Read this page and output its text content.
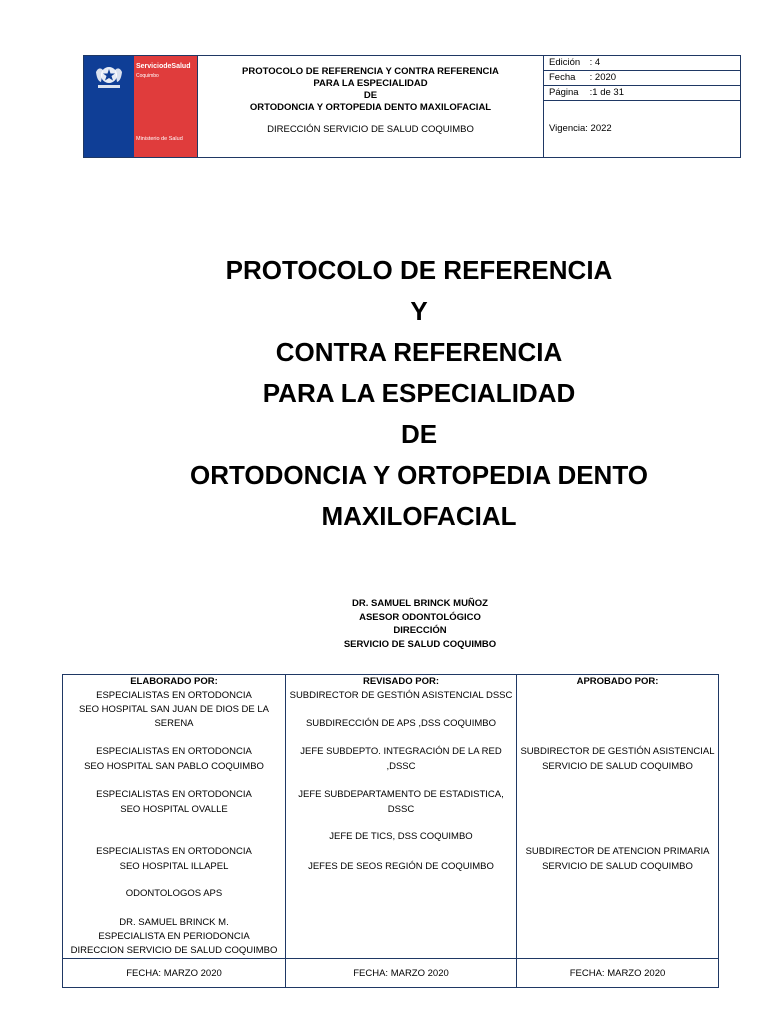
ServiciodeSalud
Coquimbo
Ministerio de Salud
PROTOCOLO DE REFERENCIA Y CONTRA REFERENCIA
PARA LA ESPECIALIDAD
DE
ORTODONCIA Y ORTOPEDIA DENTO MAXILOFACIAL
DIRECCIÓN SERVICIO DE SALUD COQUIMBO
Edición : 4
Fecha : 2020
Página :1 de 31
Vigencia: 2022
PROTOCOLO DE REFERENCIA
Y
CONTRA REFERENCIA
PARA LA ESPECIALIDAD
DE
ORTODONCIA Y ORTOPEDIA DENTO
MAXILOFACIAL
DR. SAMUEL BRINCK MUÑOZ
ASESOR ODONTOLÓGICO
DIRECCIÓN
SERVICIO DE SALUD COQUIMBO
ELABORADO POR:
ESPECIALISTAS EN ORTODONCIA
SEO HOSPITAL SAN JUAN DE DIOS DE LA
SERENA
ESPECIALISTAS EN ORTODONCIA
SEO HOSPITAL SAN PABLO COQUIMBO
ESPECIALISTAS EN ORTODONCIA
SEO HOSPITAL OVALLE
ESPECIALISTAS EN ORTODONCIA
SEO HOSPITAL ILLAPEL
ODONTOLOGOS APS
DR. SAMUEL BRINCK M.
ESPECIALISTA EN PERIODONCIA
DIRECCION SERVICIO DE SALUD COQUIMBO
REVISADO POR:
SUBDIRECTOR DE GESTIÓN ASISTENCIAL DSSC
SUBDIRECCIÓN DE APS ,DSS COQUIMBO
JEFE SUBDEPTO. INTEGRACIÓN DE LA RED
,DSSC
JEFE SUBDEPARTAMENTO DE ESTADISTICA,
DSSC
JEFE DE TICS, DSS COQUIMBO
JEFES DE SEOS REGIÓN DE COQUIMBO
APROBADO POR:
SUBDIRECTOR DE GESTIÓN ASISTENCIAL
SERVICIO DE SALUD COQUIMBO
SUBDIRECTOR DE ATENCION PRIMARIA
SERVICIO DE SALUD COQUIMBO
FECHA: MARZO 2020	FECHA: MARZO 2020	FECHA: MARZO 2020
